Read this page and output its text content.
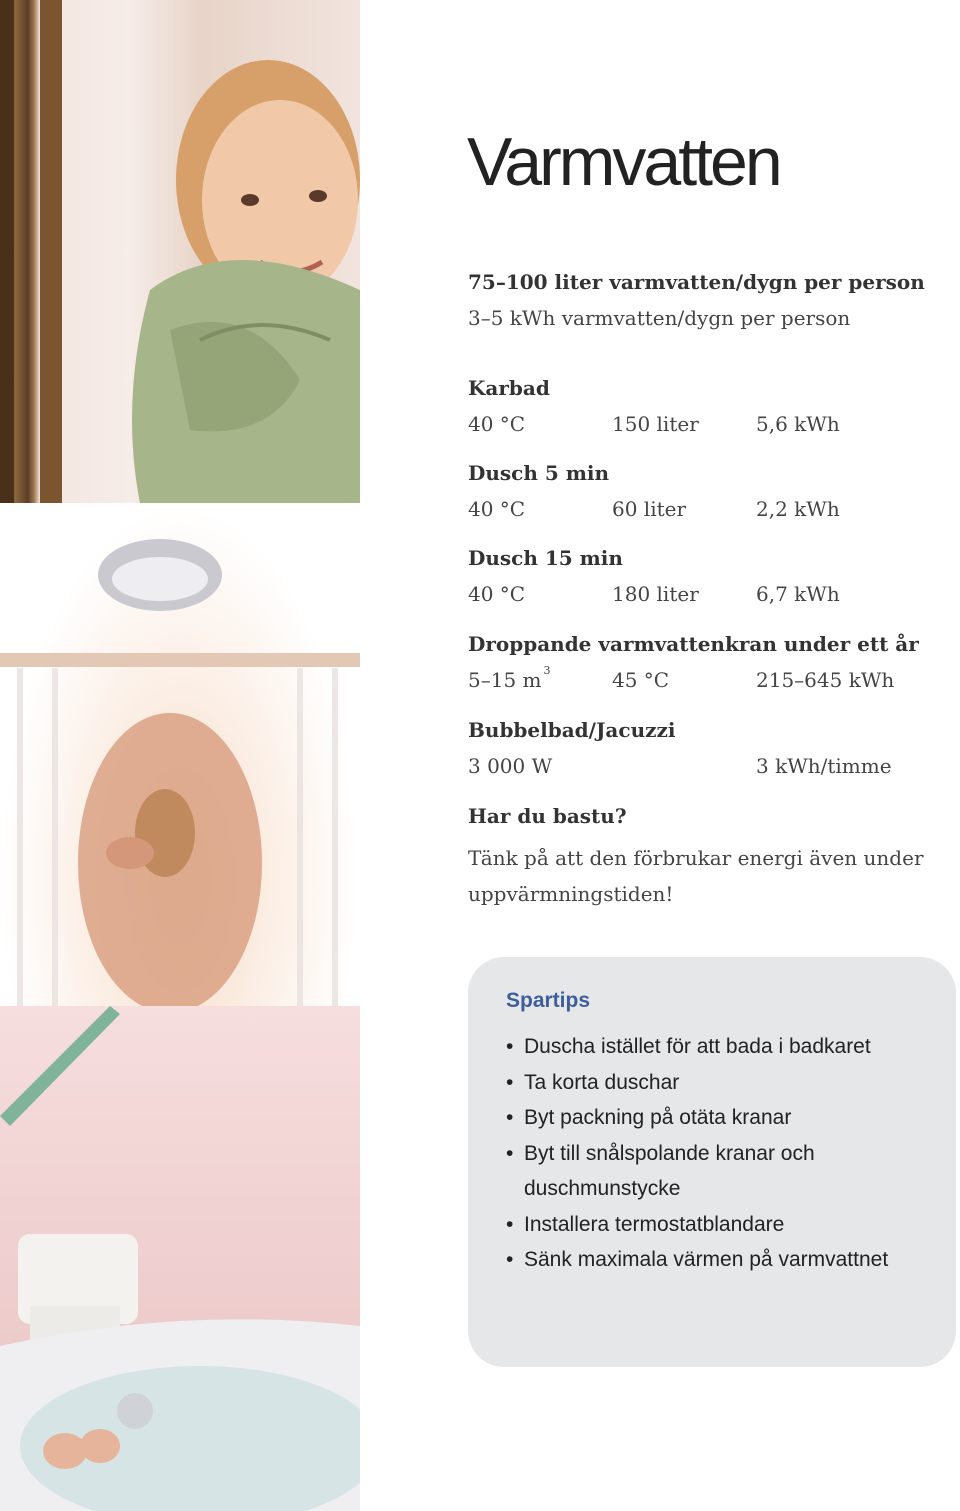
Varmvatten
75–100 liter varmvatten/dygn per person
3–5 kWh varmvatten/dygn per person
Karbad
40 °C	150 liter	5,6 kWh
Dusch 5 min
40 °C	60 liter	2,2 kWh
Dusch 15 min
40 °C	180 liter	6,7 kWh
Droppande varmvattenkran under ett år
5–15 m $^3$	45 °C	215–645 kWh
Bubbelbad/Jacuzzi
3 000 W	3 kWh/timme
Har du bastu?
Tänk på att den förbrukar energi även under uppvärmningstiden!
Spartips
• Duscha istället för att bada i badkaret
• Ta korta duschar
• Byt packning på otäta kranar
• Byt till snålspolande kranar och duschmunstycke
• Installera termostatblandare
• Sänk maximala värmen på varmvattnet
